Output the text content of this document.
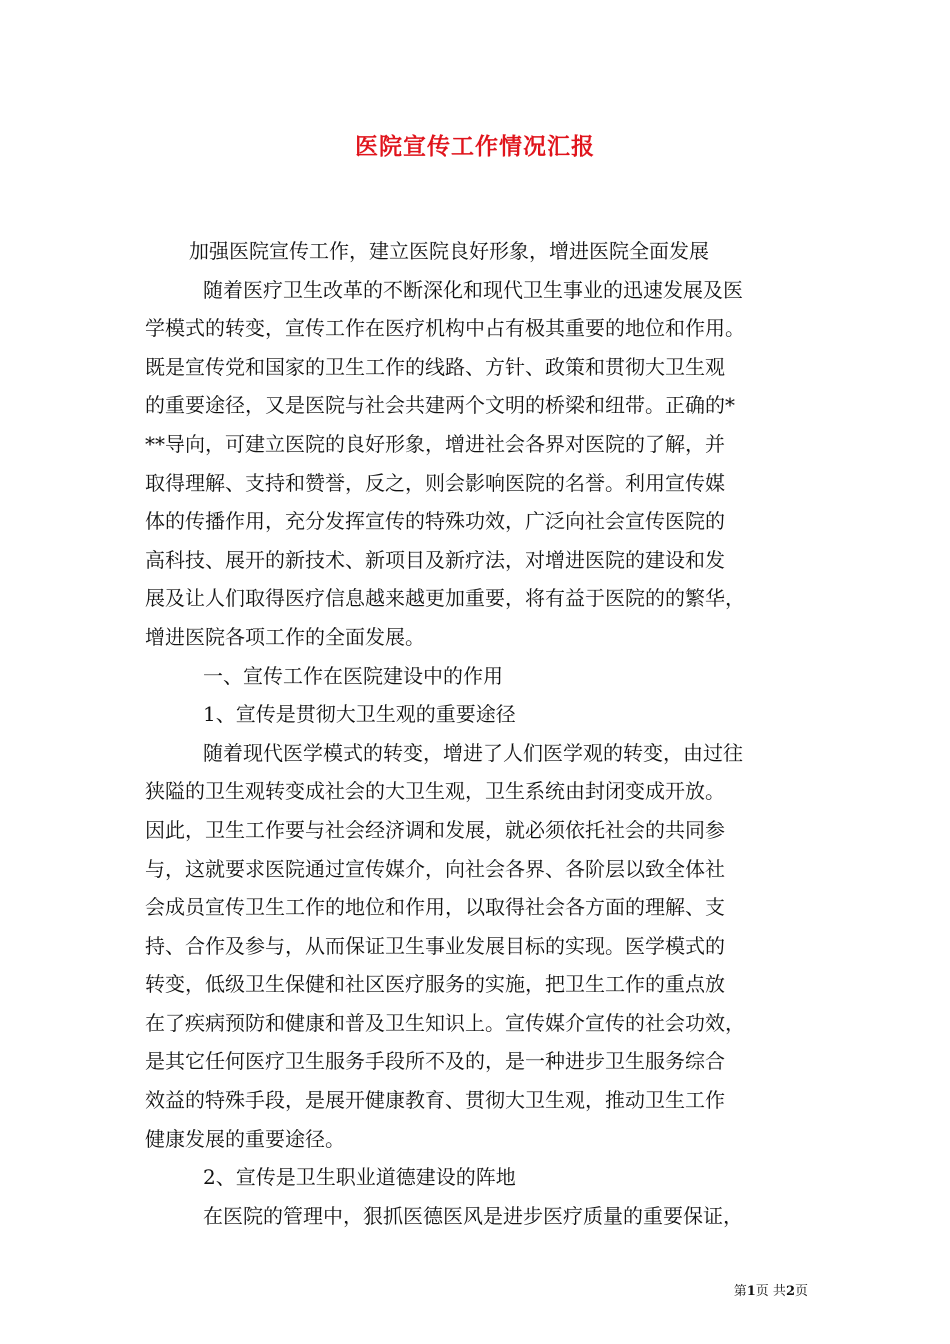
医院宣传工作情况汇报

加强医院宣传工作，建立医院良好形象，增进医院全面发展

随着医疗卫生改革的不断深化和现代卫生事业的迅速发展及医

学模式的转变，宣传工作在医疗机构中占有极其重要的地位和作用。

既是宣传党和国家的卫生工作的线路、方针、政策和贯彻大卫生观

的重要途径，又是医院与社会共建两个文明的桥梁和纽带。正确的*

**导向，可建立医院的良好形象，增进社会各界对医院的了解，并

取得理解、支持和赞誉，反之，则会影响医院的名誉。利用宣传媒

体的传播作用，充分发挥宣传的特殊功效，广泛向社会宣传医院的

高科技、展开的新技术、新项目及新疗法，对增进医院的建设和发

展及让人们取得医疗信息越来越更加重要，将有益于医院的的繁华，

增进医院各项工作的全面发展。

一、宣传工作在医院建设中的作用

1、宣传是贯彻大卫生观的重要途径

随着现代医学模式的转变，增进了人们医学观的转变，由过往

狭隘的卫生观转变成社会的大卫生观，卫生系统由封闭变成开放。

因此，卫生工作要与社会经济调和发展，就必须依托社会的共同参

与，这就要求医院通过宣传媒介，向社会各界、各阶层以致全体社

会成员宣传卫生工作的地位和作用，以取得社会各方面的理解、支

持、合作及参与，从而保证卫生事业发展目标的实现。医学模式的

转变，低级卫生保健和社区医疗服务的实施，把卫生工作的重点放

在了疾病预防和健康和普及卫生知识上。宣传媒介宣传的社会功效，

是其它任何医疗卫生服务手段所不及的，是一种进步卫生服务综合

效益的特殊手段，是展开健康教育、贯彻大卫生观，推动卫生工作

健康发展的重要途径。

2、宣传是卫生职业道德建设的阵地

在医院的管理中，狠抓医德医风是进步医疗质量的重要保证，

第1页 共2页
